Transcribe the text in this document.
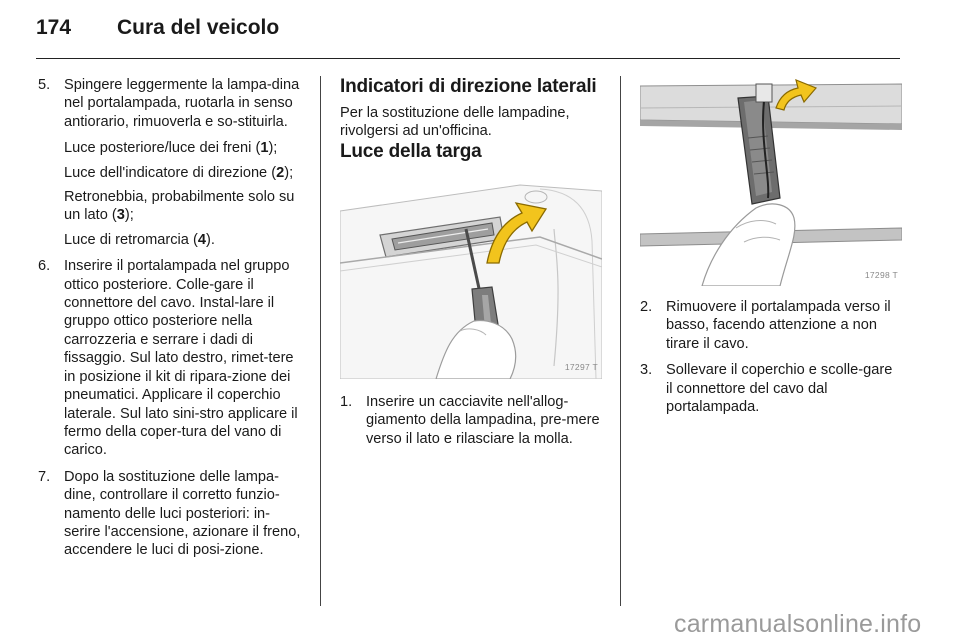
174 Cura del veicolo
5. Spingere leggermente la lampa-dina nel portalampada, ruotarla in senso antiorario, rimuoverla e so-stituirla.

Luce posteriore/luce dei freni (1);

Luce dell'indicatore di direzione (2);

Retronebbia, probabilmente solo su un lato (3);

Luce di retromarcia (4).

6. Inserire il portalampada nel gruppo ottico posteriore. Colle-gare il connettore del cavo. Instal-lare il gruppo ottico posteriore nella carrozzeria e serrare i dadi di fissaggio. Sul lato destro, rimet-tere in posizione il kit di ripara-zione dei pneumatici. Applicare il coperchio laterale. Sul lato sini-stro applicare il fermo della coper-tura del vano di carico.
7. Dopo la sostituzione delle lampa-dine, controllare il corretto funzio-namento delle luci posteriori: in-serire l'accensione, azionare il freno, accendere le luci di posi-zione.
Indicatori di direzione laterali

Per la sostituzione delle lampadine, rivolgersi ad un'officina.

Luce della targa
17297 T
1. Inserire un cacciavite nell'allog-giamento della lampadina, pre-mere verso il lato e rilasciare la molla.
17298 T
2. Rimuovere il portalampada verso il basso, facendo attenzione a non tirare il cavo.
3. Sollevare il coperchio e scolle-gare il connettore del cavo dal portalampada.
carmanualsonline.info
